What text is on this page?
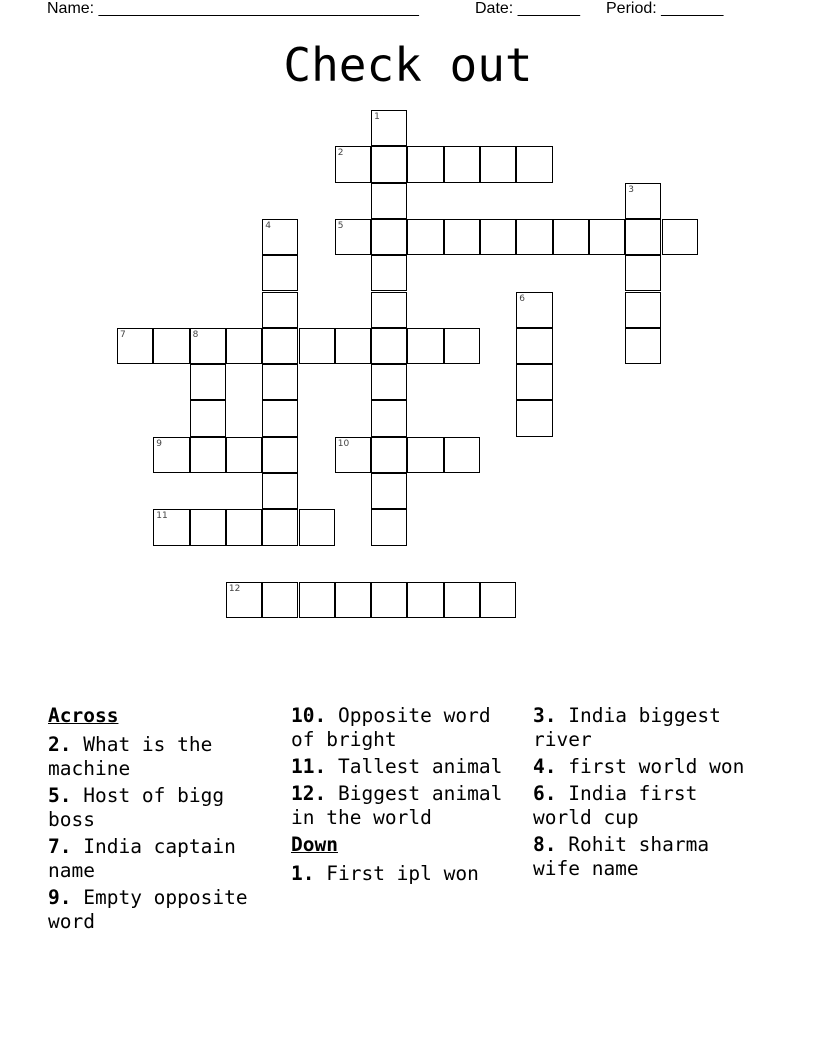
Name: ____________________________________	Date: _______ Period: _______
Check out
1
2
3
4	5
6
7	8
9	10
11
12
Across
2. What is the machine
5. Host of bigg boss
7. India captain name
9. Empty opposite word
10. Opposite word of bright
11. Tallest animal
12. Biggest animal in the world
Down
1. First ipl won
3. India biggest river
4. first world won
6. India first world cup
8. Rohit sharma wife name
